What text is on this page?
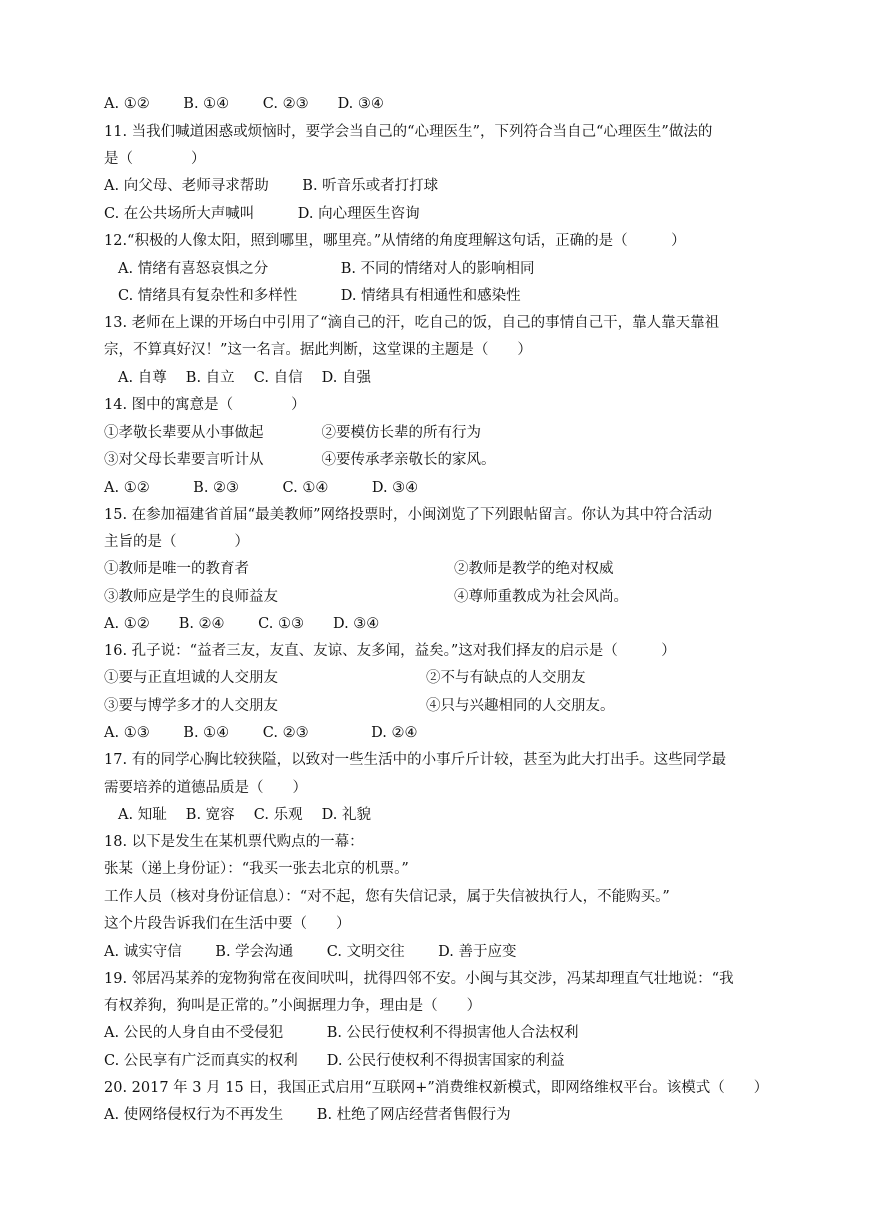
A. ①②　　 B. ①④　　 C. ②③　　D. ③④
11. 当我们喊道困惑或烦恼时，要学会当自己的“心理医生”，下列符合当自己“心理医生”做法的
是（　　　　）
A. 向父母、老师寻求帮助　　 B. 听音乐或者打打球
C. 在公共场所大声喊叫　　　D. 向心理医生咨询
12.“积极的人像太阳，照到哪里，哪里亮。”从情绪的角度理解这句话，正确的是（　　　）
A. 情绪有喜怒哀惧之分　　　　　B. 不同的情绪对人的影响相同
C. 情绪具有复杂性和多样性　　　D. 情绪具有相通性和感染性
13. 老师在上课的开场白中引用了“滴自己的汗，吃自己的饭，自己的事情自己干，靠人靠天靠祖
宗，不算真好汉！”这一名言。据此判断，这堂课的主题是（　　）
A. 自尊　 B. 自立　 C. 自信　 D. 自强
14. 图中的寓意是（　　　　）
①孝敬长辈要从小事做起　　　　②要模仿长辈的所有行为
③对父母长辈要言听计从　　　　④要传承孝亲敬长的家风。
A. ①②　　　B. ②③　　　C. ①④　　　D. ③④
15. 在参加福建省首届“最美教师”网络投票时，小闽浏览了下列跟帖留言。你认为其中符合活动
主旨的是（　　　　）
①教师是唯一的教育者	②教师是教学的绝对权威
③教师应是学生的良师益友	④尊师重教成为社会风尚。
A. ①②　　B. ②④　　 C. ①③　　D. ③④
16. 孔子说：“益者三友，友直、友谅、友多闻，益矣。”这对我们择友的启示是（　　　）
①要与正直坦诚的人交朋友	②不与有缺点的人交朋友
③要与博学多才的人交朋友	④只与兴趣相同的人交朋友。
A. ①③　　 B. ①④　　 C. ②③　　　　 D. ②④
17. 有的同学心胸比较狭隘，以致对一些生活中的小事斤斤计较，甚至为此大打出手。这些同学最
需要培养的道德品质是（　　）
A. 知耻　 B. 宽容　 C. 乐观　 D. 礼貌
18. 以下是发生在某机票代购点的一幕：
张某（递上身份证）：“我买一张去北京的机票。”
工作人员（核对身份证信息）：“对不起，您有失信记录，属于失信被执行人，不能购买。”
这个片段告诉我们在生活中要（　　）
A. 诚实守信　　 B. 学会沟通　　 C. 文明交往　　 D. 善于应变
19. 邻居冯某养的宠物狗常在夜间吠叫，扰得四邻不安。小闽与其交涉，冯某却理直气壮地说：“我
有权养狗，狗叫是正常的。”小闽据理力争，理由是（　　）
A. 公民的人身自由不受侵犯　　　B. 公民行使权利不得损害他人合法权利
C. 公民享有广泛而真实的权利　　D. 公民行使权利不得损害国家的利益
20. 2017 年 3 月 15 日，我国正式启用“互联网+”消费维权新模式，即网络维权平台。该模式（　　）
A. 使网络侵权行为不再发生　　 B. 杜绝了网店经营者售假行为
